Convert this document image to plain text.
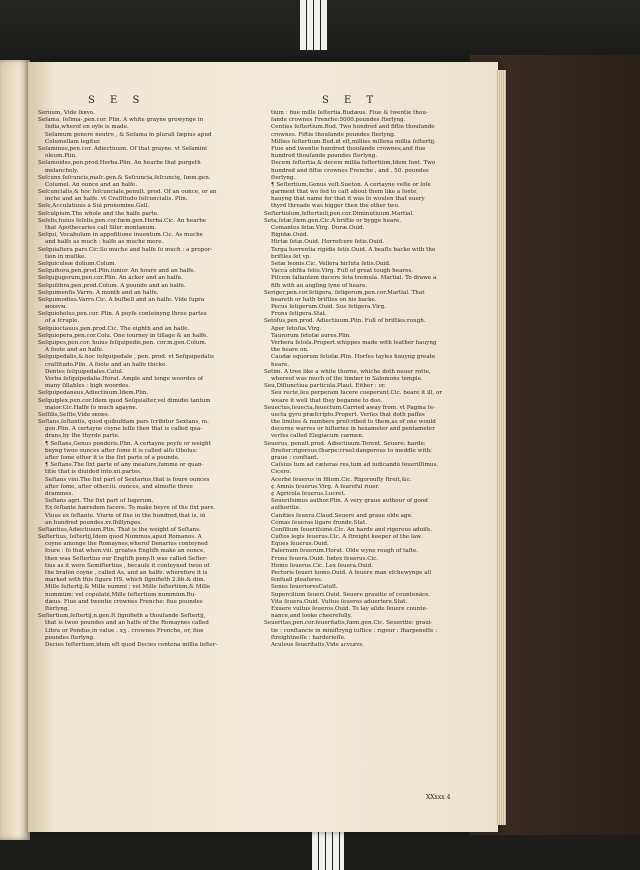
S E S	S E T
Seruum, Vide ſᴇʀᴠᴏ.
Seſama, ſeſima-,pen.cor. Plin. A white grayne growynge in
India,wherof en oyle is made.
Seſamum genere neutro , & Seſama in plurali ſæpius apud
Columellam legitur.
Seſaminus,pen.cor. Adiectiuum. Of that grayne. vt Seſamini
oleum.Plin.
Seſamoides,pen.prod.Herba.Plin. An hearbe that purgeth
melancholy.
Seſcunx ſeſcuncis,maſc.gen.& Seſcuncia,ſeſcuncię, ſœm.gen.
Columel. An ounce and an halfe.
Seſcuncialis,& hoc ſeſcunciale,penult. prod. Of an ounce, or an
inche and an halfe. vt Craſſitudo ſeſcuncialis. Plin.
Seſe,Accuſatiuus à Sui pronomine.Gell.
Seſculpium.The whole and the halfe parte.
Seſelis,huius ſeſelis,pen.cor.ſœm.gen.Herba.Cic. An hearbe
that Apothecaries call Siler montanum.
Seſqui, Vocabulum in appoſitione inuentum.Cic. As muche
and halfe as much : halfe as muche more.
Seſquialtera pars.Cic.So muche and halfe ſo much : a propor-
tion in muſike.
Seſquiculeæ dolium.Colum.
Seſquihora,pen.prod.Plin.iunior. An houre and an halfe.
Seſquijugerum,pen.cor.Plin. An ácker and an halfe.
Seſquilibra,pen.prod.Colum. A pounde and an halfe.
Seſquimenſis.Varro. A month and an halfe.
Seſquimodius.Varro.Cic. A buſhell and an halfe. Vide ſupra
ᴍᴏᴅɪᴠᴍ.
Seſquiobolus,pen.cor. Plin. A poyſe conteinyng three partes
of a ſcruple.
Seſquioctauus,pen.prod.Cic. The eighth and an halfe.
Seſquiopera,pen.cor.Colu. One iourney in tillage & an halfe.
Seſquipes,pen.cor. huius ſeſquipedis,pen. cor.m.gen.Colum.
A foote and an halfe.
Seſquipedalis,& hoc ſeſquipedale , pen. prod. vt Seſquipedalis
craſſitudo.Plin. A foote and an halfe thicke.
Dentes ſeſquipedales.Catul.
Verba ſeſquipedalia.Horat. Ample and longe woordes of
many ſillables : high woordes.
Seſquipedaneus,Adiectiuum.Idem.Plin.
Seſquiplex,pen.cor.Idem quod Seſquialter,vel dimidio tantum
maior.Cic.Halfe ſo much agayne.
Seſſilis,Seſſio,Vide ꜱᴇᴅᴇᴏ.
Seſtans,ſeſtantis, quod quibuſdam pars ſcribitur Sextans, m.
gen.Plin. A certayne coyne leſſe then that is called qua-
drans,by the thyrde parte.
¶ Seſtans,Genus ponderis.Plin. A certayne poyſe or weight
beyng twoo ounces after ſome it is called alſo Obolus:
after ſome other it is the ſixt parte of a pounde.
¶ Seſtans.The ſixt parte of any meaſure,ſumme or quan-
titie that is diuided into.xii.partes.
Seſtans vini.The ſixt part of Sextarius,that is foure ounces
after ſome, after other.iii. ounces, and almoſte three
drammes.
Seſtans agri. The ſixt part of Iugerum.
Ex ſeſtante hæredem facere. To make heyre of the ſixt pare.
Viuus ex ſeſtante. Viurie of ſixe in the hundred,that is, in
an hundred poundes.xv.ſhillynges.
Seſtantius,Adiectiuum.Plin. That is the weight of Seſtans.
Seſtertius, ſeſtertij,Idem quod Nummus,apud Romanos. A
coyne amonge the Romaynes,wherof Denarius conteyned
foure : ſo that when.viii. groates Engliſh make an ounce,
then was Seſtertius our Engliſh peny.It was called Seſter-
tius as it were Semiſtertius , becauſe it conteyned twoo of
the braſen coyne , called As, and an halfe. wherefore it is
marked with this ſigure HS. which ſignifieth 2.lib.& dim.
Mille ſeſtertij.& Mille nummi : vel Mille ſeſtertiûm,& Mille
nummûm: vel copulatè,Mille ſeſtertium nummûm.Bu-
dæus. Fiue and twentie crownes Frenche: fiue poundes
ſterlyng.
Seſtertium,ſeſtertij,n.gen.It ſignifieth a thouſande Seſtertij,
that is twoo poundes and an halfe of the Romaynes called
Libra or Pondus,in value . xʒ . crownes Frenche, or, fiue
poundes ſterlyng.
Decies ſeſtertium,idem eſt quod Decies centena millia ſeſter-
tiûm : fiue mille ſeſtertia.Budæus. Fiue & twentie thou-
ſande crownes Frenche:5000.poundes ſterlyng.
Centies ſeſtertium.Bud. Two hundred and fiftie thouſande
crownes. Fiftie thouſande poundes ſterlyng.
Millies ſeſtertium.Bud.id eſt,millies millena millia ſeſtertij.
Fiue and twentie hundred thouſande crownes,and fiue
hundred thouſande poundes ſterlyng.
Decem ſeſtertia,& decem millia ſeſtertiûm,Idem ſunt. Two
hundred and fiftie crownes Frenche , and . 50. poundes
ſterlyng.
¶ Seſtertium,Genus veſt.Sueton. A certayne veſte or loſe
garment that wo ſed to caſt about them like a ſeete,
hauyng that name for that it was ſo woulen that euery
thyrd threade was bigger then the other two.
Seſtertiolum,ſeſtertioli,pen.cor.Diminutiuum.Martial.
Seta,ſetæ,ſœm.gen.Cic.A briſtle or bygge heare.
Comantes ſetæ.Virg. Duræ.Ouid.
Rigidæ.Ouid.
Hirtæ ſetæ.Ouid. Horrefcere ſetis.Ouid.
Terga horrentia rigidis ſetis.Ouid. A beaſts backe with the
briſtles ſet vp.
Setæ leonis.Cic. Vellera hirſuta ſetis.Ouid.
Vacca obſita ſetis.Virg. Full of great tough heares.
Piſcem ſaliantem ducere ſeta tremula. Martial. To drawe a
fiſh with an angling lyne of heare.
Seriger,pen.cor.ſetigera, ſetigerum,pen.cor.Martial. That
beareth or hath briſtles on his backe.
Pecus ſetigerum.Ouid. Sus ſetigera.Virg.
Frons ſetigera.Stat.
Setoſus,pen.prod. Adiectiuum.Plin. Full of briſtles:rough.
Aper ſetoſus.Virg.
Taurorum ſetoſæ aures.Plin.
Verbera ſetoſa.Propert.whippes made with leather hauyng
the heare on.
Caudæ equorum ſetoſæ.Plin. Horſes tayles hauyng greate
heare.
Setim. A tree like a white thorne, whiche doth neuer rotte,
whereof was much of the timber in Salomons temple.
Seu,Diſiunctiua particula.Plaut. Either : or.
Seu rectè,ſeu perperam facere coeperunt.Cic. beare it ill, or
weare it well that they beganne to doo.
Seuectus,ſeuecta,ſeuectum.Carried away from. vt Pagina ſe-
uecta gyro præſcripto.Propert. Verſes that doth paſſes
the limites & numbers preſcribed to them,as of one would
decerne warres or hiſtories in hexameter and pentameter
verſes called Elegiacum carmen.
Seuerus, penult.prod. Adiectiuum.Terent. Seuere: harde:
ſtreiter:rigorous:ſharpe:cruel:dangerous to meddle with:
graue : conſtant.
Caſsius tum ad cæteras res,tum ad iudicandû ſeueriſſimus.
Cicero.
Acerbè ſeuerus in filium.Cic. Rigorouſly ſtreit,&c.
¢ Amnis ſeuerus.Virg. A ſeareful riuer.
¢ Agricola ſeuerus.Lucret.
Seueriſsimus author.Plin. A very graue authour of good
authoritie.
Canities ſeuera.Claud.Seuere and graue olde age.
Comas ſeueras ligare fronde.Stat.
Conſilium ſeueriſsimè.Cic. An harde and rigorous aduiſe.
Cuſtos legis ſeuerus.Cic. A ſtreight keeper of the law.
Eques ſeuerus.Ouid.
Falernum ſeuerum.Horat. Olde wyne rough of taſte.
Frons ſeuera.Ouid. Iudex ſeuerus.Cic.
Homo ſeuerus.Cic. Lex ſeuera.Ouid.
Pectoris ſeueri homo.Ouid. A ſeuere man eſchewynge all
ſenſuall pleaſures.
Senes ſeuerioresCatull.
Supercilium ſeueri.Ouid. Seuere grauitie of countenãce.
Vita ſeuera.Ouid. Vultus ſeueros aduertere.Stat.
Exuere vultus ſeueros.Ouid. To lay aſide ſeuere counte-
nance,and looke cheerefully.
Seueritas,pen.cor.ſeueritatis,ſœm.gen.Cic. Seueritie: graui-
tie : conſtancie in miniſtryng iuſtice : rigour : ſharpeneſſe :
ſtreightneſſe : harderieſſe.
Aculeus ſeueritatis,Vide ᴀᴄᴠʟᴇᴠꜱ.
XXxxx 4
